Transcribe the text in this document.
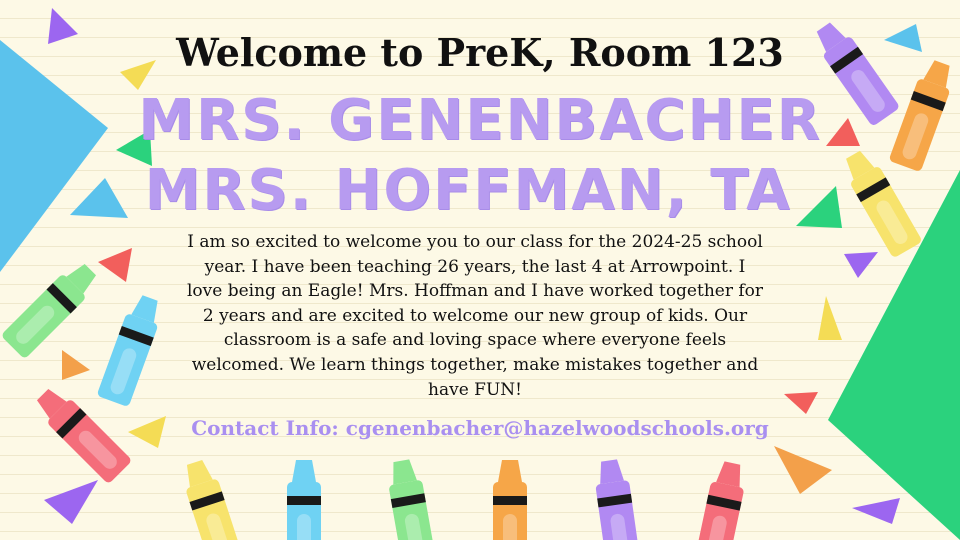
Welcome to PreK, Room 123
MRS. GENENBACHER
MRS. HOFFMAN, TA

I am so excited to welcome you to our class for the 2024-25 school year. I have been teaching 26 years, the last 4 at Arrowpoint. I love being an Eagle! Mrs. Hoffman and I have worked together for 2 years and are excited to welcome our new group of kids. Our classroom is a safe and loving space where everyone feels welcomed. We learn things together, make mistakes together and have FUN!

Contact Info: cgenenbacher@hazelwoodschools.org
